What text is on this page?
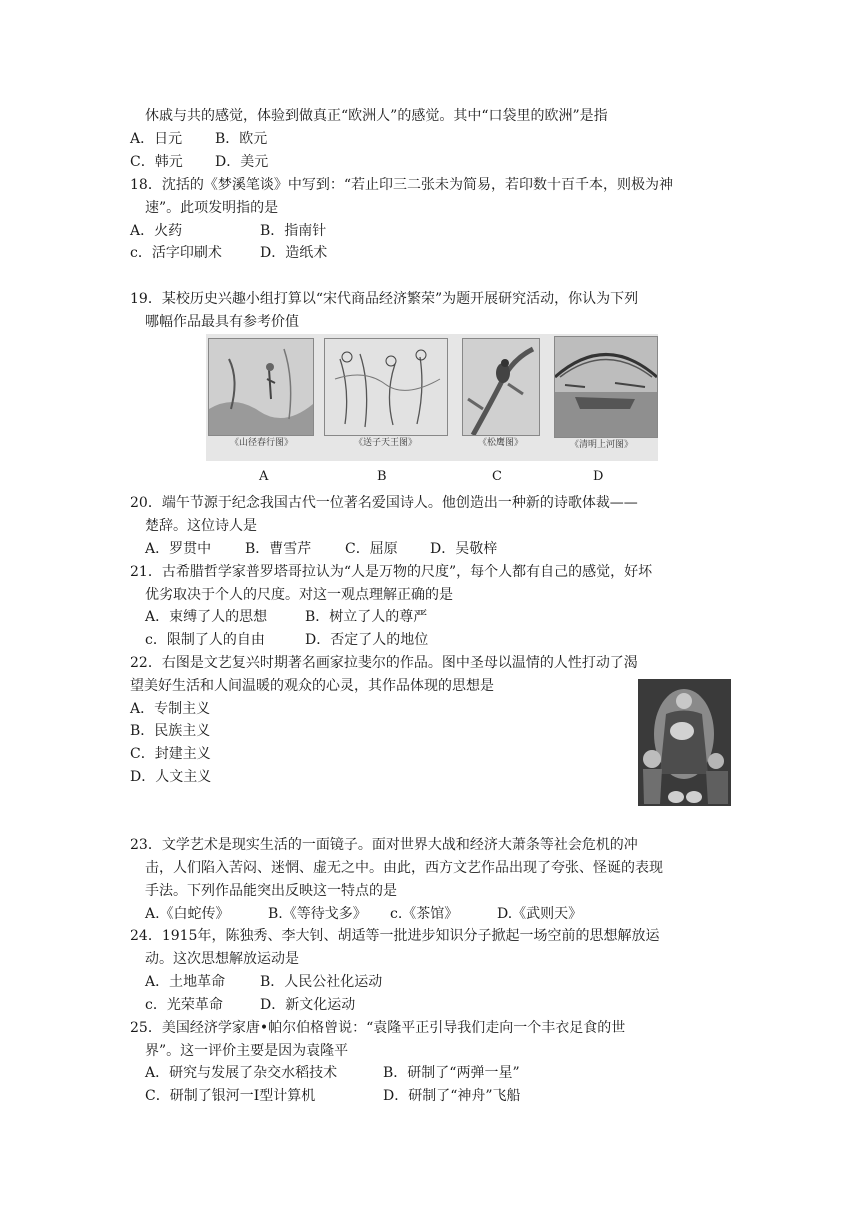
休戚与共的感觉，体验到做真正“欧洲人”的感觉。其中“口袋里的欧洲”是指
A．日元 B．欧元
C．韩元 D．美元
18．沈括的《梦溪笔谈》中写到：“若止印三二张未为简易，若印数十百千本，则极为神
速”。此项发明指的是
A．火药	B．指南针
c．活字印刷术	D．造纸术
19．某校历史兴趣小组打算以“宋代商品经济繁荣”为题开展研究活动，你认为下列
哪幅作品最具有参考价值
《山径春行图》	《送子天王图》	《松鹰图》	《清明上河图》
A	B	C	D
20．端午节源于纪念我国古代一位著名爱国诗人。他创造出一种新的诗歌体裁——
楚辞。这位诗人是
A．罗贯中 B．曹雪芹 C．屈原 D．吴敬梓
21．古希腊哲学家普罗塔哥拉认为“人是万物的尺度”，每个人都有自己的感觉，好坏
优劣取决于个人的尺度。对这一观点理解正确的是
A．束缚了人的思想	B．树立了人的尊严
c．限制了人的自由	D．否定了人的地位
22．右图是文艺复兴时期著名画家拉斐尔的作品。图中圣母以温情的人性打动了渴
望美好生活和人间温暖的观众的心灵，其作品体现的思想是
A．专制主义
B．民族主义
C．封建主义
D．人文主义
23．文学艺术是现实生活的一面镜子。面对世界大战和经济大萧条等社会危机的冲
击，人们陷入苦闷、迷惘、虚无之中。由此，西方文艺作品出现了夸张、怪诞的表现
手法。下列作品能突出反映这一特点的是
A.《白蛇传》	B.《等待戈多》 c.《茶馆》	D.《武则天》
24．1915年，陈独秀、李大钊、胡适等一批进步知识分子掀起一场空前的思想解放运
动。这次思想解放运动是
A．土地革命 B．人民公社化运动
c．光荣革命	D．新文化运动
25．美国经济学家唐•帕尔伯格曾说：“袁隆平正引导我们走向一个丰衣足食的世
界”。这一评价主要是因为袁隆平
A．研究与发展了杂交水稻技术	B．研制了“两弹一星”
C．研制了银河一Ⅰ型计算机	D．研制了“神舟”飞船
